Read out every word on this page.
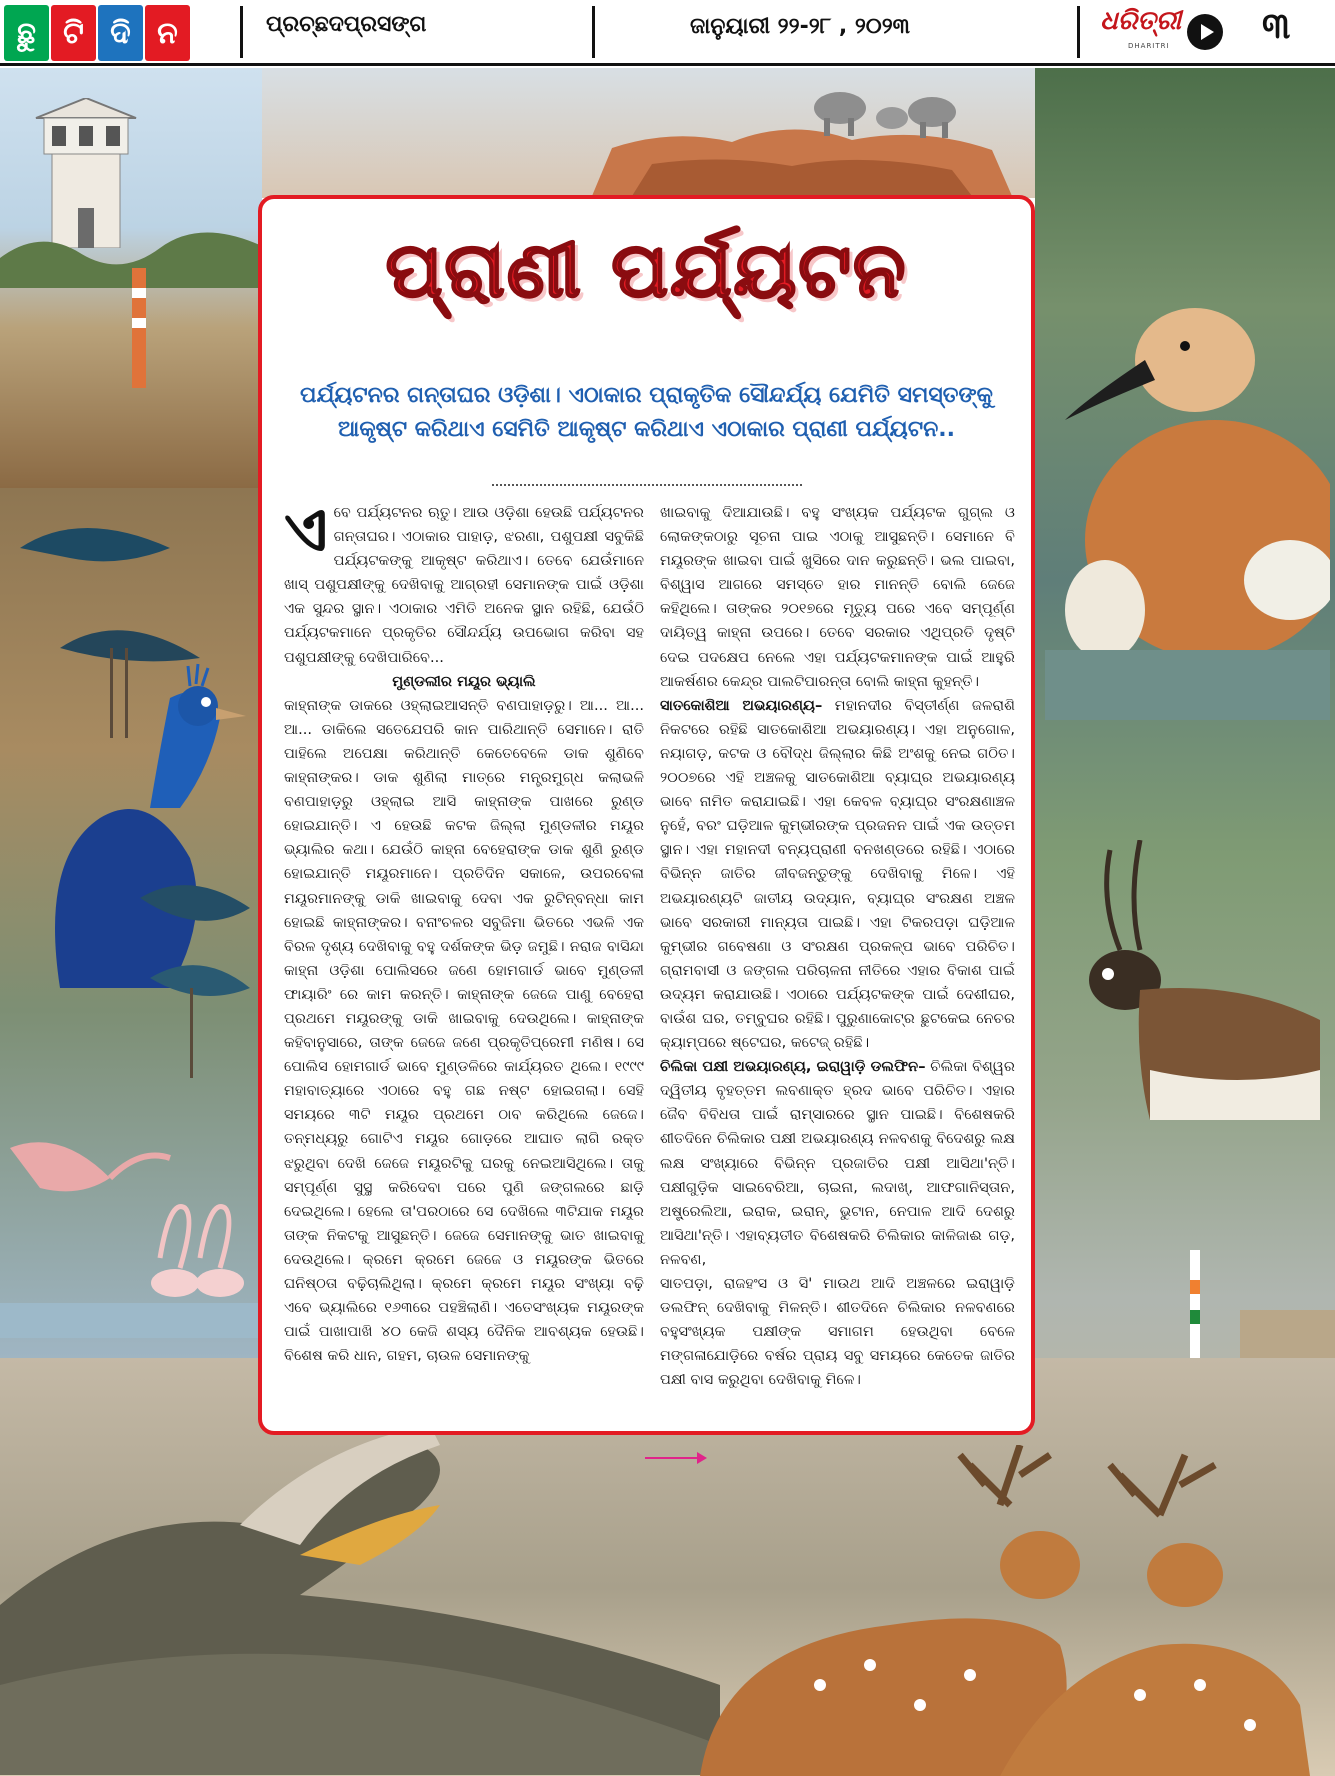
ଛୁ ଟି ଦି ନ	ପ୍ରଚ୍ଛଦପ୍ରସଙ୍ଗ	ଜାନୁୟାରୀ ୨୨-୨୮ , ୨୦୨୩	ଧରିତ୍ରୀ
DHARITRI	୩
ପ୍ରାଣୀ ପର୍ଯ୍ୟଟନ
ପର୍ଯ୍ୟଟନର ଗନ୍ତାଘର ଓଡ଼ିଶା। ଏଠାକାର ପ୍ରାକୃତିକ ସୌନ୍ଦର୍ଯ୍ୟ ଯେମିତି ସମସ୍ତଙ୍କୁ ଆକୃଷ୍ଟ କରିଥାଏ ସେମିତି ଆକୃଷ୍ଟ କରିଥାଏ ଏଠାକାର ପ୍ରାଣୀ ପର୍ଯ୍ୟଟନ..

ଏବେ ପର୍ଯ୍ୟଟନର ଋତୁ। ଆଉ ଓଡ଼ିଶା ହେଉଛି ପର୍ଯ୍ୟଟନର ଗନ୍ତାଘର। ଏଠାକାର ପାହାଡ଼, ଝରଣା, ପଶୁପକ୍ଷୀ ସବୁକିଛି ପର୍ଯ୍ୟଟକଙ୍କୁ ଆକୃଷ୍ଟ କରିଥାଏ। ତେବେ ଯେଉଁମାନେ ଖାସ୍ ପଶୁପକ୍ଷୀଙ୍କୁ ଦେଖିବାକୁ ଆଗ୍ରହୀ ସେମାନଙ୍କ ପାଇଁ ଓଡ଼ିଶା ଏକ ସୁନ୍ଦର ସ୍ଥାନ। ଏଠାକାର ଏମିତି ଅନେକ ସ୍ଥାନ ରହିଛି, ଯେଉଁଠି ପର୍ଯ୍ୟଟକମାନେ ପ୍ରକୃତିର ସୌନ୍ଦର୍ଯ୍ୟ ଉପଭୋଗ କରିବା ସହ ପଶୁପକ୍ଷୀଙ୍କୁ ଦେଖିପାରିବେ...

ମୁଣ୍ଡଲୀର ମୟୂର ଭ୍ୟାଲି

କାହ୍ନାଙ୍କ ଡାକରେ ଓହ୍ଲାଇଆସନ୍ତି ବଣପାହାଡ଼ରୁ। ଆ... ଆ... ଆ... ଡାକିଲେ ସତେଯେପରି କାନ ପାରିଥାନ୍ତି ସେମାନେ। ରାତି ପାହିଲେ ଅପେକ୍ଷା କରିଥାନ୍ତି କେତେବେଳେ ଡାକ ଶୁଣିବେ କାହ୍ନାଙ୍କର। ଡାକ ଶୁଣିଲା ମାତ୍ରେ ମନ୍ତ୍ରମୁଗ୍ଧ କଲାଭଳି ବଣପାହାଡ଼ରୁ ଓହ୍ଲାଇ ଆସି କାହ୍ନାଙ୍କ ପାଖରେ ରୁଣ୍ଡ ହୋଇଯାନ୍ତି। ଏ ହେଉଛି କଟକ ଜିଲ୍ଲା ମୁଣ୍ଡଳୀର ମୟୂର ଭ୍ୟାଲିର କଥା। ଯେଉଁଠି କାହ୍ନା ବେହେରାଙ୍କ ଡାକ ଶୁଣି ରୁଣ୍ଡ ହୋଇଯାନ୍ତି ମୟୂରମାନେ। ପ୍ରତିଦିନ ସକାଳେ, ଉପରବେଳା ମୟୂରମାନଙ୍କୁ ଡାକି ଖାଇବାକୁ ଦେବା ଏକ ରୁଟିନ୍‌ବନ୍ଧା କାମ ହୋଇଛି କାହ୍ନାଙ୍କର। ବନାଂଚଳର ସବୁଜିମା ଭିତରେ ଏଭଳି ଏକ ବିରଳ ଦୃଶ୍ୟ ଦେଖିବାକୁ ବହୁ ଦର୍ଶକଙ୍କ ଭିଡ଼ ଜମୁଛି। ନରାଜ ବାସିନ୍ଦା କାହ୍ନା ଓଡ଼ିଶା ପୋଲିସରେ ଜଣେ ହୋମଗାର୍ଡ ଭାବେ ମୁଣ୍ଡଳୀ ଫାୟାରିଂ ରେ କାମ କରନ୍ତି। କାହ୍ନାଙ୍କ ଜେଜେ ପାଣୁ ବେହେରା ପ୍ରଥମେ ମୟୂରଙ୍କୁ ଡାକି ଖାଇବାକୁ ଦେଉଥିଲେ। କାହ୍ନାଙ୍କ କହିବାନୁସାରେ, ତାଙ୍କ ଜେଜେ ଜଣେ ପ୍ରକୃତିପ୍ରେମୀ ମଣିଷ। ସେ ପୋଲିସ ହୋମଗାର୍ଡ ଭାବେ ମୁଣ୍ଡଳିରେ କାର୍ଯ୍ୟରତ ଥିଲେ। ୧୯୯୯ ମହାବାତ୍ୟାରେ ଏଠାରେ ବହୁ ଗଛ ନଷ୍ଟ ହୋଇଗଲା। ସେହି ସମୟରେ ୩ଟି ମୟୂର ପ୍ରଥମେ ଠାବ କରିଥିଲେ ଜେଜେ। ତନ୍ମଧ୍ୟରୁ ଗୋଟିଏ ମୟୂର ଗୋଡ଼ରେ ଆଘାତ ଲାଗି ରକ୍ତ ଝରୁଥିବା ଦେଖି ଜେଜେ ମୟୂରଟିକୁ ଘରକୁ ନେଇଆସିଥିଲେ। ତାକୁ ସମ୍ପୂର୍ଣ୍ଣ ସୁସ୍ଥ କରିଦେବା ପରେ ପୁଣି ଜଙ୍ଗଲରେ ଛାଡ଼ି ଦେଇଥିଲେ। ହେଲେ ତା'ପରଠାରେ ସେ ଦେଖିଲେ ୩ଟିଯାକ ମୟୂର ତାଙ୍କ ନିକଟକୁ ଆସୁଛନ୍ତି। ଜେଜେ ସେମାନଙ୍କୁ ଭାତ ଖାଇବାକୁ ଦେଉଥିଲେ। କ୍ରମେ କ୍ରମେ ଜେଜେ ଓ ମୟୂରଙ୍କ ଭିତରେ ଘନିଷ୍ଠତା ବଢ଼ିଚାଲିଥିଲା। କ୍ରମେ କ୍ରମେ ମୟୂର ସଂଖ୍ୟା ବଢ଼ି ଏବେ ଭ୍ୟାଲିରେ ୧୬୩ରେ ପହଞ୍ଚିଲାଣି। ଏତେସଂଖ୍ୟକ ମୟୂରଙ୍କ ପାଇଁ ପାଖାପାଖି ୪୦ କେଜି ଶସ୍ୟ ଦୈନିକ ଆବଶ୍ୟକ ହେଉଛି। ବିଶେଷ କରି ଧାନ, ଗହମ, ଚାଉଳ ସେମାନଙ୍କୁ

ଖାଇବାକୁ ଦିଆଯାଉଛି। ବହୁ ସଂଖ୍ୟକ ପର୍ଯ୍ୟଟକ ଗୁଗ୍‌ଲ ଓ ଲୋକଙ୍କଠାରୁ ସୂଚନା ପାଇ ଏଠାକୁ ଆସୁଛନ୍ତି। ସେମାନେ ବି ମୟୂରଙ୍କ ଖାଇବା ପାଇଁ ଖୁସିରେ ଦାନ କରୁଛନ୍ତି। ଭଲ ପାଇବା, ବିଶ୍ୱାସ ଆଗରେ ସମସ୍ତେ ହାର ମାନନ୍ତି ବୋଲି ଜେଜେ କହିଥିଲେ। ତାଙ୍କର ୨୦୧୭ରେ ମୃତ୍ୟୁ ପରେ ଏବେ ସମ୍ପୂର୍ଣ୍ଣ ଦାୟିତ୍ୱ କାହ୍ନା ଉପରେ। ତେବେ ସରକାର ଏଥିପ୍ରତି ଦୃଷ୍ଟି ଦେଇ ପଦକ୍ଷେପ ନେଲେ ଏହା ପର୍ଯ୍ୟଟକମାନଙ୍କ ପାଇଁ ଆହୁରି ଆକର୍ଷଣର କେନ୍ଦ୍ର ପାଲଟିପାରନ୍ତା ବୋଲି କାହ୍ନା କୁହନ୍ତି।

ସାତକୋଶିଆ ଅଭୟାରଣ୍ୟ– ମହାନଦୀର ବିସ୍ତୀର୍ଣ୍ଣ ଜଳରାଶି ନିକଟରେ ରହିଛି ସାତକୋଶିଆ ଅଭୟାରଣ୍ୟ। ଏହା ଅନୁଗୋଳ, ନୟାଗଡ଼, କଟକ ଓ ବୌଦ୍ଧ ଜିଲ୍ଲାର କିଛି ଅଂଶକୁ ନେଇ ଗଠିତ। ୨୦୦୭ରେ ଏହି ଅଞ୍ଚଳକୁ ସାତକୋଶିଆ ବ୍ୟାଘ୍ର ଅଭୟାରଣ୍ୟ ଭାବେ ନାମିତ କରାଯାଇଛି। ଏହା କେବଳ ବ୍ୟାଘ୍ର ସଂରକ୍ଷଣାଞ୍ଚଳ ନୁହେଁ, ବରଂ ଘଡ଼ିଆଳ କୁମ୍ଭୀରଙ୍କ ପ୍ରଜନନ ପାଇଁ ଏକ ଉତ୍ତମ ସ୍ଥାନ। ଏହା ମହାନଦୀ ବନ୍ୟପ୍ରାଣୀ ବନଖଣ୍ଡରେ ରହିଛି। ଏଠାରେ ବିଭିନ୍ନ ଜାତିର ଜୀବଜନ୍ତୁଙ୍କୁ ଦେଖିବାକୁ ମିଳେ। ଏହି ଅଭୟାରଣ୍ୟଟି ଜାତୀୟ ଉଦ୍ୟାନ, ବ୍ୟାଘ୍ର ସଂରକ୍ଷଣ ଅଞ୍ଚଳ ଭାବେ ସରକାରୀ ମାନ୍ୟତା ପାଇଛି। ଏହା ଟିକରପଡ଼ା ଘଡ଼ିଆଳ କୁମ୍ଭୀର ଗବେଷଣା ଓ ସଂରକ୍ଷଣ ପ୍ରକଳ୍ପ ଭାବେ ପରିଚିତ। ଗ୍ରାମବାସୀ ଓ ଜଙ୍ଗଲ ପରିଚାଳନା ନୀତିରେ ଏହାର ବିକାଶ ପାଇଁ ଉଦ୍ୟମ କରାଯାଉଛି। ଏଠାରେ ପର୍ଯ୍ୟଟକଙ୍କ ପାଇଁ ଦେଶୀଘର, ବାଉଁଶ ଘର, ତମ୍ବୁଘର ରହିଛି। ପୁରୁଣାକୋଟ୍‌ର ଛୁଟକେଇ ନେଚର କ୍ୟାମ୍ପରେ ଷ୍ଟେଘର, କଟେଜ୍ ରହିଛି।

ଚିଲିକା ପକ୍ଷୀ ଅଭୟାରଣ୍ୟ, ଇରାୱାଡ଼ି ଡଲଫିନ– ଚିଲିକା ବିଶ୍ୱର ଦ୍ୱିତୀୟ ବୃହତ୍ତମ ଲବଣାକ୍ତ ହ୍ରଦ ଭାବେ ପରିଚିତ। ଏହାର ଜୈବ ବିବିଧତା ପାଇଁ ରାମ୍‌ସାରରେ ସ୍ଥାନ ପାଇଛି। ବିଶେଷକରି ଶୀତଦିନେ ଚିଲିକାର ପକ୍ଷୀ ଅଭୟାରଣ୍ୟ ନଳବଣକୁ ବିଦେଶରୁ ଲକ୍ଷ ଲକ୍ଷ ସଂଖ୍ୟାରେ ବିଭିନ୍ନ ପ୍ରଜାତିର ପକ୍ଷୀ ଆସିଥା'ନ୍ତି। ପକ୍ଷୀଗୁଡ଼ିକ ସାଇବେରିଆ, ଚାଇନା, ଲଦାଖ୍, ଆଫଗାନିସ୍ତାନ, ଅଷ୍ଟ୍ରେଲିଆ, ଇରାକ, ଇରାନ୍, ଭୁଟାନ, ନେପାଳ ଆଦି ଦେଶରୁ ଆସିଥା'ନ୍ତି। ଏହାବ୍ୟତୀତ ବିଶେଷକରି ଚିଲିକାର କାଳିଜାଈ ଗଡ଼, ନଳବଣ,

ସାତପଡ଼ା, ରାଜହଂସ ଓ ସି' ମାଉଥ ଆଦି ଅଞ୍ଚଳରେ ଇରାୱାଡ଼ି ଡଲଫିନ୍ ଦେଖିବାକୁ ମିଳନ୍ତି। ଶୀତଦିନେ ଚିଲିକାର ନଳବଣରେ ବହୁସଂଖ୍ୟକ ପକ୍ଷୀଙ୍କ ସମାଗମ ହେଉଥିବା ବେଳେ ମଙ୍ଗଳାଯୋଡ଼ିରେ ବର୍ଷର ପ୍ରାୟ ସବୁ ସମୟରେ କେତେକ ଜାତିର ପକ୍ଷୀ ବାସ କରୁଥିବା ଦେଖିବାକୁ ମିଳେ।
